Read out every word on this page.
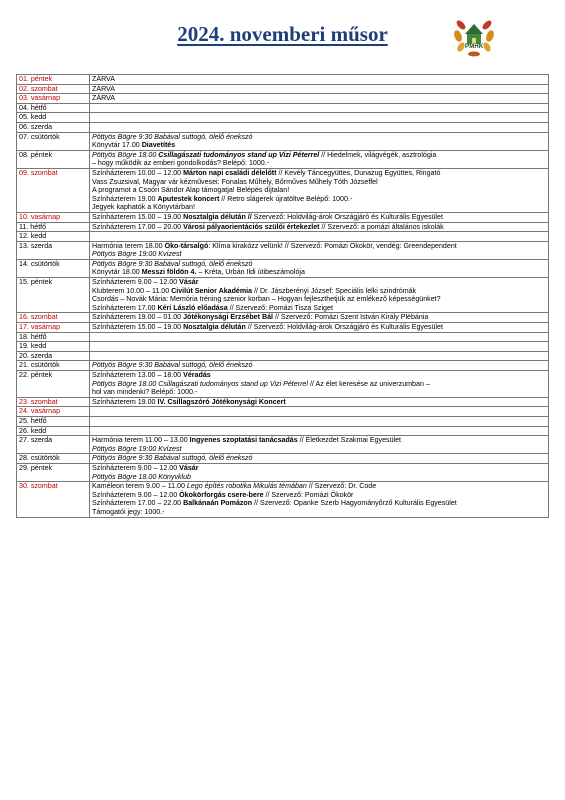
2024. novemberi műsor
PMHK
01. péntek	ZÁRVA

02. szombat	ZÁRVA

03. vasárnap	ZÁRVA

04. hétfő	
05. kedd	
06. szerda	
07. csütörtök	Pöttyös Bögre 9:30 Babával suttogó, ölelő énekszó
Könyvtár 17.00 Diavetítés

08. péntek	Pöttyös Bögre 18.00 Csillagászati tudományos stand up Vizi Péterrel // Hiedelmek, világvégék, asztrológia
– hogy működik az emberi gondolkodás? Belépő: 1000.-

09. szombat	Színházterem 10.00 – 12.00 Márton napi családi délelőtt // Kevély Táncegyüttes, Dunazug Együttes, Ringató
Vass Zsuzsival, Magyar vár kézművesei: Fonalas Műhely, Bőrműves Műhely Tóth Józseffel
A programot a Csoóri Sándor Alap támogatja! Belépés díjtalan!
Színházterem 19.00 Aputestek koncert // Retro slágerek újratöltve Belépő: 1000.-
Jegyek kaphatók a Könyvtárban!

10. vasárnap	Színházterem 15.00 – 19.00 Nosztalgia délután // Szervező: Holdvilág-árok Országjáró és Kulturális Egyesület

11. hétfő	Színházterem 17.00 – 20.00 Városi pályaorientációs szülői értekezlet // Szervező: a pomázi általános iskolák

12. kedd	
13. szerda	Harmónia terem 18.00 Öko-társalgó: Klíma kirakózz velünk! // Szervező: Pomázi Ökokör, vendég: Greendependent
Pöttyös Bögre 19:00 Kvízest

14. csütörtök	Pöttyös Bögre 9:30 Babával suttogó, ölelő énekszó
Könyvtár 18.00 Messzi földön 4. – Kréta, Urbán Ildi útibeszámolója

15. péntek	Színházterem 9.00 – 12.00 Vásár
Klubterem 10.00 – 11.00 Civilút Senior Akadémia // Dr. Jászberényi József: Speciális lelki szindrómák
Csordás – Novák Mária: Memória tréning szenior korban – Hogyan fejleszthetjük az emlékező képességünket?
Színházterem 17.00 Kéri László előadása // Szervező: Pomázi Tisza Sziget

16. szombat	Színházterem 19.00 – 01.00 Jótékonysági Erzsébet Bál // Szervező: Pomázi Szent István Király Plébánia

17. vasárnap	Színházterem 15.00 – 19.00 Nosztalgia délután // Szervező: Holdvilág-árok Országjáró és Kulturális Egyesület

18. hétfő	
19. kedd	
20. szerda	
21. csütörtök	Pöttyös Bögre 9:30 Babával suttogó, ölelő énekszó

22. péntek	Színházterem 13.00 – 18.00 Véradás
Pöttyös Bögre 18.00 Csillagászati tudományos stand up Vizi Péterrel // Az élet keresése az univerzumban –
hol van mindenki? Belépő: 1000.-

23. szombat	Színházterem 19.00 IV. Csillagszóró Jótékonysági Koncert

24. vasárnap	
25. hétfő	
26. kedd	
27. szerda	Harmónia terem 11.00 – 13.00 Ingyenes szoptatási tanácsadás // Életkezdet Szakmai Egyesület
Pöttyös Bögre 19:00 Kvízest

28. csütörtök	Pöttyös Bögre 9:30 Babával suttogó, ölelő énekszó

29. péntek	Színházterem 9.00 – 12.00 Vásár
Pöttyös Bögre 18.00 Könyvklub

30. szombat	Kaméleon terem 9.00 – 11.00 Lego építés robotika Mikulás témában // Szervező: Dr. Code
Színházterem 9.00 – 12.00 Ökokörforgás csere-bere // Szervező: Pomázi Ökokör
Színházterem 17.00 – 22.00 Balkánaán Pomázon // Szervező: Opanke Szerb Hagyományőrző Kulturális Egyesület
Támogatói jegy: 1000.-
